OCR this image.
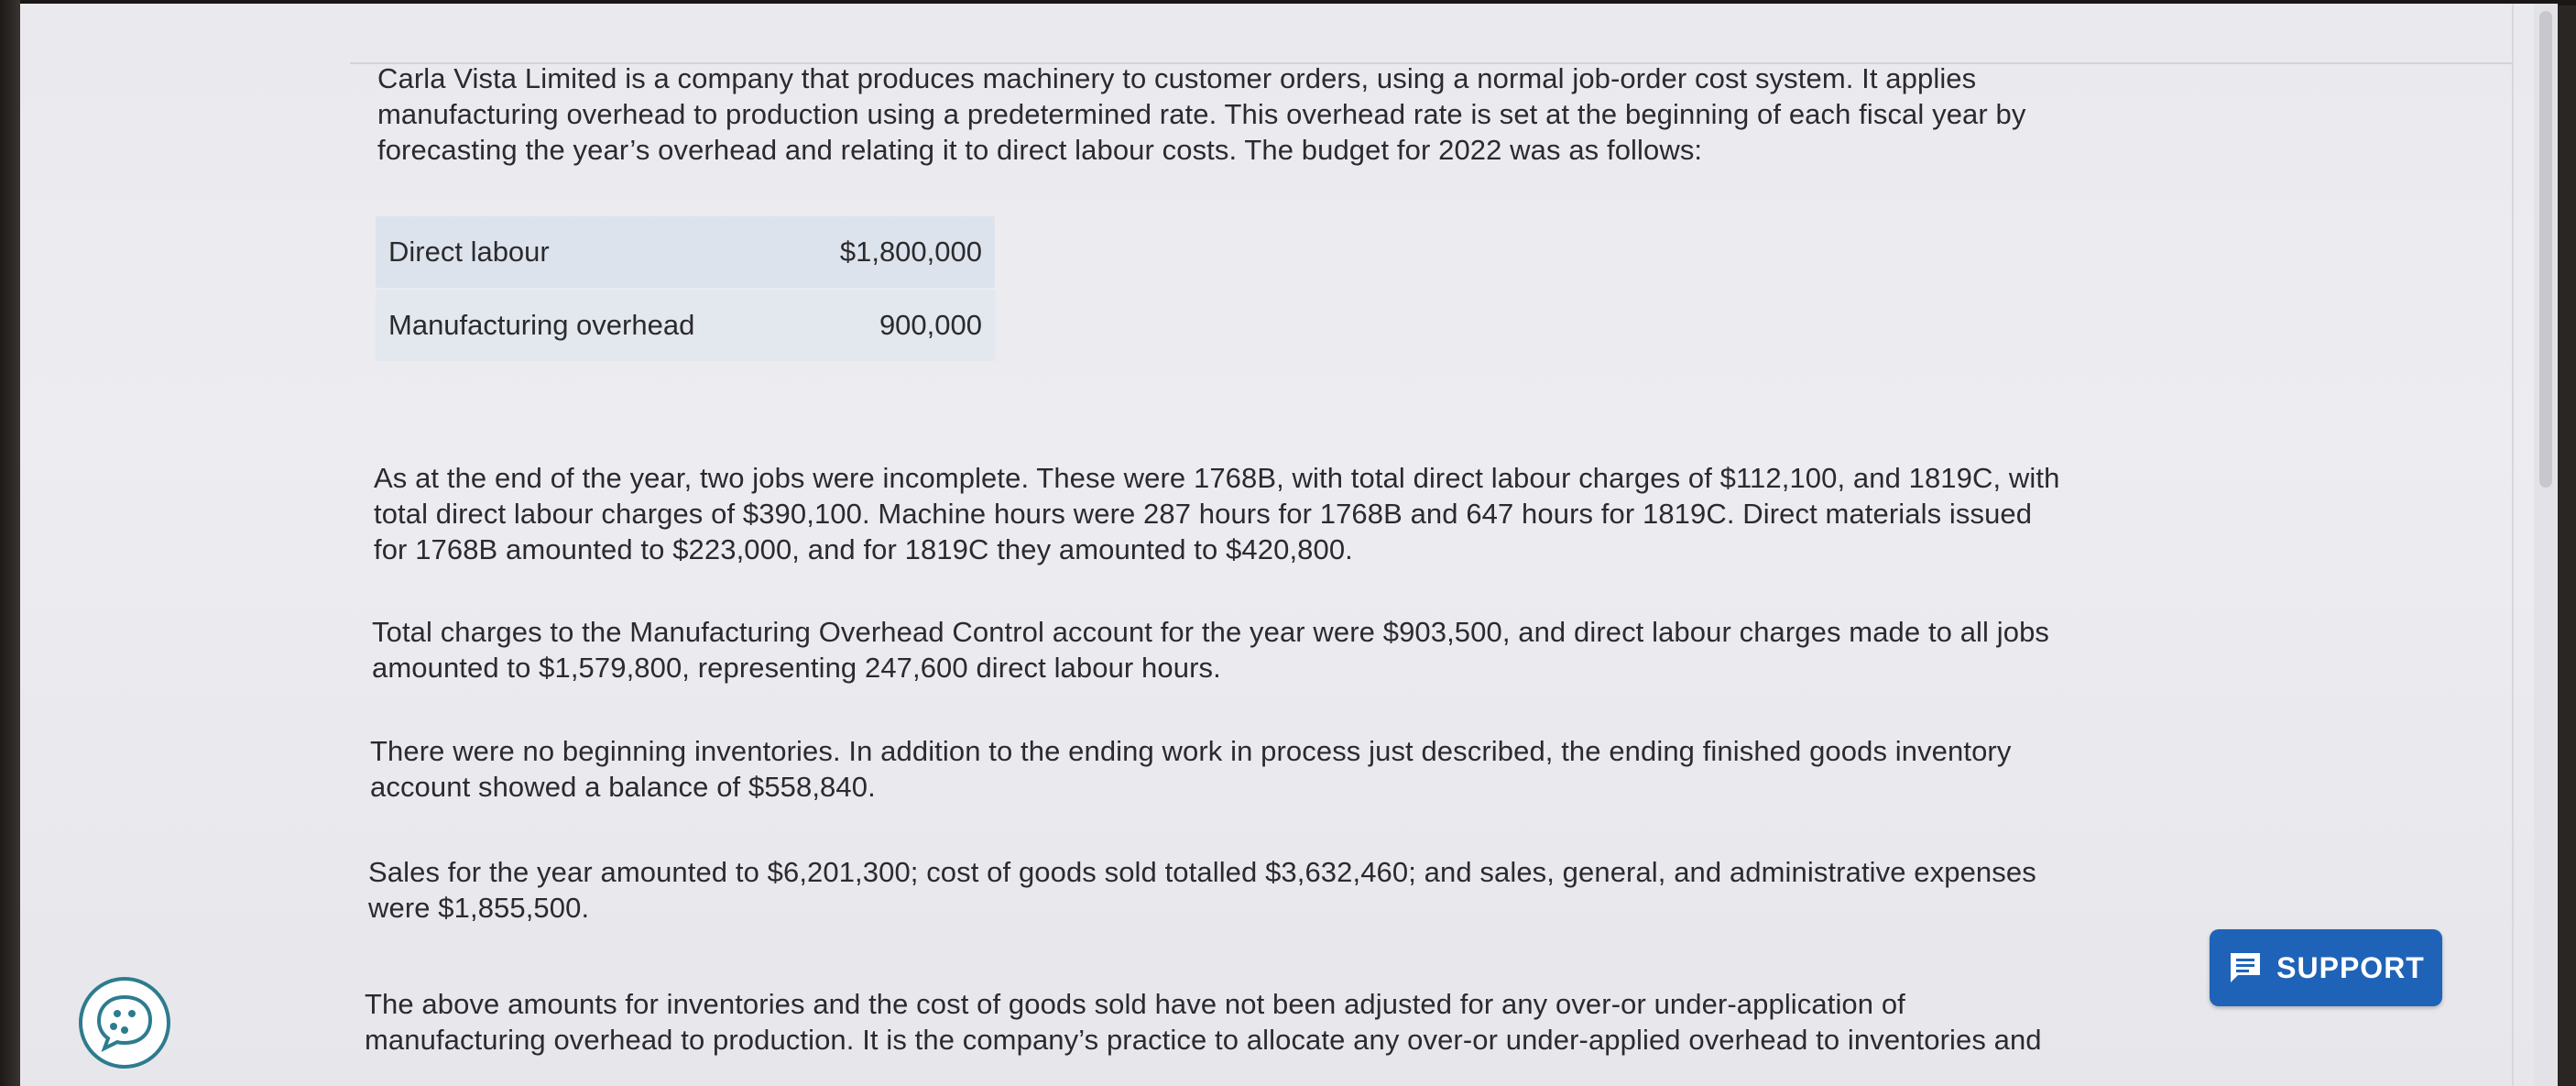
Carla Vista Limited is a company that produces machinery to customer orders, using a normal job-order cost system. It applies
manufacturing overhead to production using a predetermined rate. This overhead rate is set at the beginning of each fiscal year by
forecasting the year’s overhead and relating it to direct labour costs. The budget for 2022 was as follows:

Direct labour	$1,800,000
Manufacturing overhead	900,000

As at the end of the year, two jobs were incomplete. These were 1768B, with total direct labour charges of $112,100, and 1819C, with
total direct labour charges of $390,100. Machine hours were 287 hours for 1768B and 647 hours for 1819C. Direct materials issued
for 1768B amounted to $223,000, and for 1819C they amounted to $420,800.

Total charges to the Manufacturing Overhead Control account for the year were $903,500, and direct labour charges made to all jobs
amounted to $1,579,800, representing 247,600 direct labour hours.

There were no beginning inventories. In addition to the ending work in process just described, the ending finished goods inventory
account showed a balance of $558,840.

Sales for the year amounted to $6,201,300; cost of goods sold totalled $3,632,460; and sales, general, and administrative expenses
were $1,855,500.

The above amounts for inventories and the cost of goods sold have not been adjusted for any over-or under-application of
manufacturing overhead to production. It is the company’s practice to allocate any over-or under-applied overhead to inventories and

SUPPORT
